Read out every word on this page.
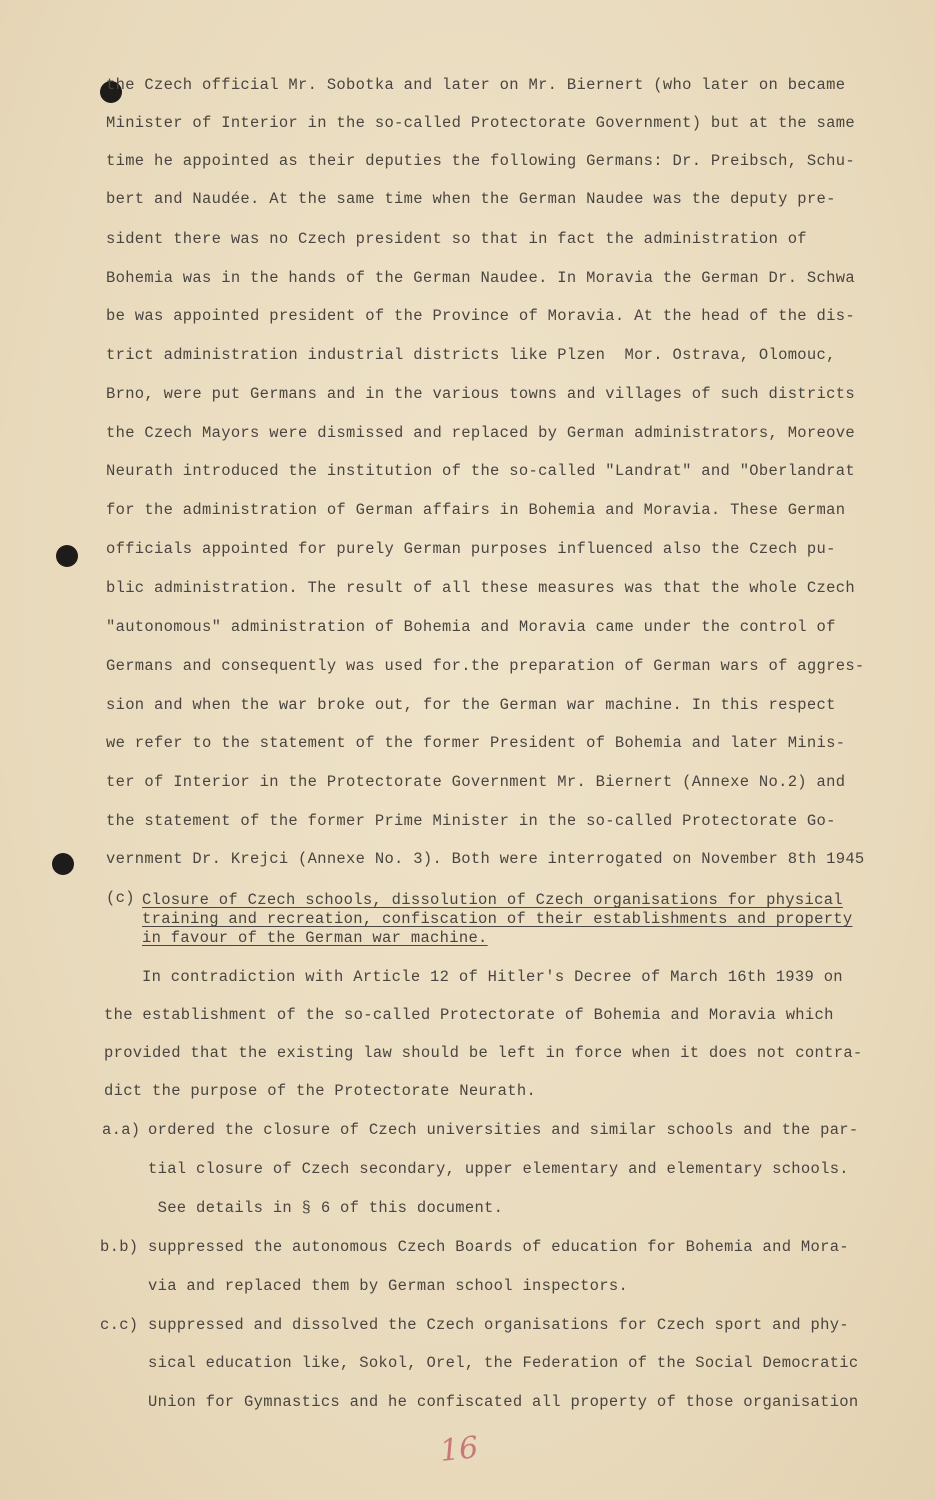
the Czech official Mr. Sobotka and later on Mr. Biernert (who later on became
Minister of Interior in the so-called Protectorate Government) but at the same
time he appointed as their deputies the following Germans: Dr. Preibsch, Schu-
bert and Naudée. At the same time when the German Naudee was the deputy pre-
sident there was no Czech president so that in fact the administration of
Bohemia was in the hands of the German Naudee. In Moravia the German Dr. Schwa
be was appointed president of the Province of Moravia. At the head of the dis-
trict administration industrial districts like Plzen  Mor. Ostrava, Olomouc,
Brno, were put Germans and in the various towns and villages of such districts
the Czech Mayors were dismissed and replaced by German administrators, Moreove
Neurath introduced the institution of the so-called "Landrat" and "Oberlandrat
for the administration of German affairs in Bohemia and Moravia. These German
officials appointed for purely German purposes influenced also the Czech pu-
blic administration. The result of all these measures was that the whole Czech
"autonomous" administration of Bohemia and Moravia came under the control of
Germans and consequently was used for.the preparation of German wars of aggres-
sion and when the war broke out, for the German war machine. In this respect
we refer to the statement of the former President of Bohemia and later Minis-
ter of Interior in the Protectorate Government Mr. Biernert (Annexe No.2) and
the statement of the former Prime Minister in the so-called Protectorate Go-
vernment Dr. Krejci (Annexe No. 3). Both were interrogated on November 8th 1945
(c) Closure of Czech schools, dissolution of Czech organisations for physical
training and recreation, confiscation of their establishments and property
in favour of the German war machine.
In contradiction with Article 12 of Hitler's Decree of March 16th 1939 on
the establishment of the so-called Protectorate of Bohemia and Moravia which
provided that the existing law should be left in force when it does not contra-
dict the purpose of the Protectorate Neurath.
a.a) ordered the closure of Czech universities and similar schools and the par-
tial closure of Czech secondary, upper elementary and elementary schools.
See details in § 6 of this document.
b.b) suppressed the autonomous Czech Boards of education for Bohemia and Mora-
via and replaced them by German school inspectors.
c.c) suppressed and dissolved the Czech organisations for Czech sport and phy-
sical education like, Sokol, Orel, the Federation of the Social Democratic
Union for Gymnastics and he confiscated all property of those organisation
16
